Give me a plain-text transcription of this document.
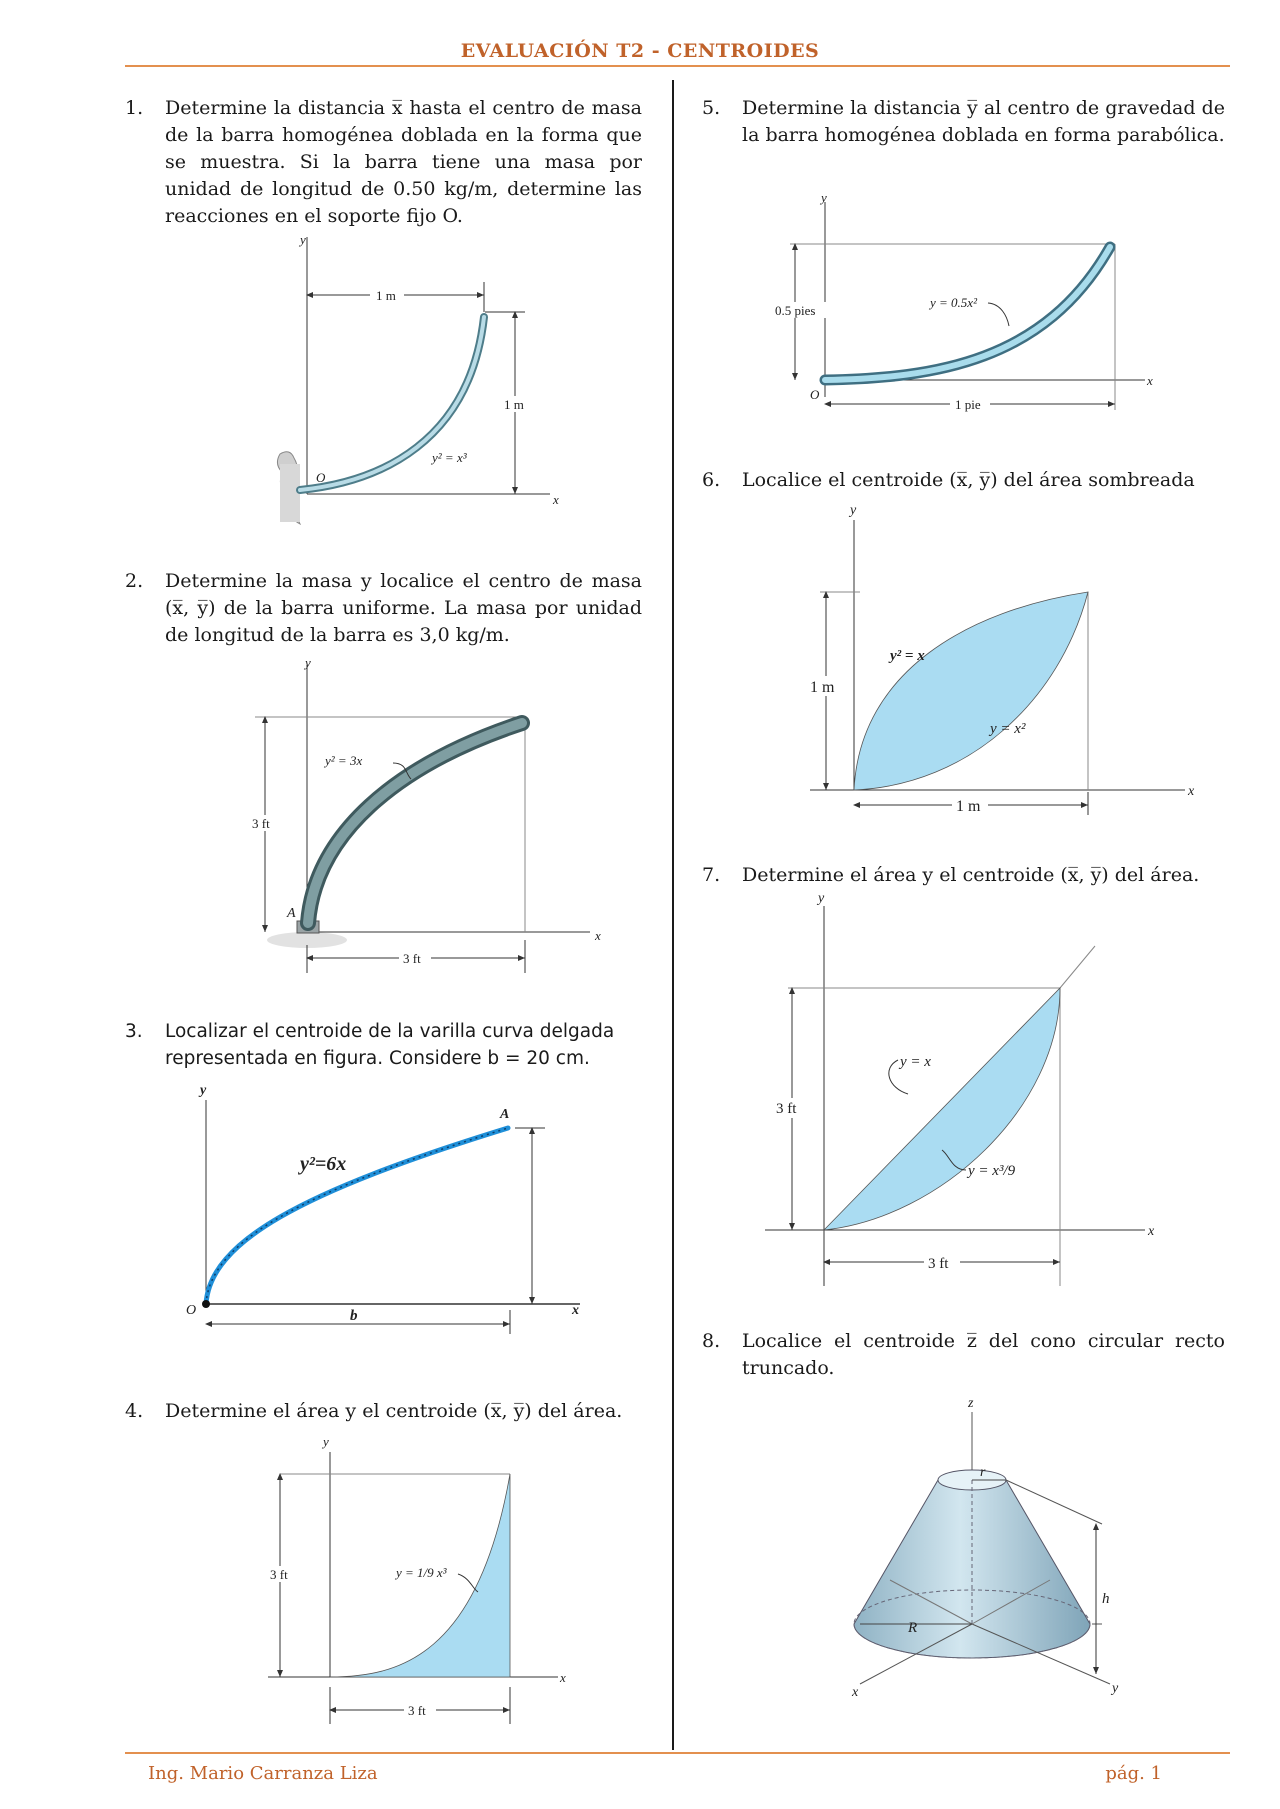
EVALUACIÓN T2 - CENTROIDES
1. Determine la distancia x̅ hasta el centro de masa de la barra homogénea doblada en la forma que se muestra. Si la barra tiene una masa por unidad de longitud de 0.50 kg/m, determine las reacciones en el soporte fijo O.
y
x
1 m
1 m
y² = x³
O
2. Determine la masa y localice el centro de masa (x̅, y̅) de la barra uniforme. La masa por unidad de longitud de la barra es 3,0 kg/m.
y
x
3 ft
3 ft
y² = 3x
A
3. Localizar el centroide de la varilla curva delgada representada en figura. Considere b = 20 cm.
y
x
O
A
y²=6x
b
4. Determine el área y el centroide (x̅, y̅) del área.
y
x
3 ft
3 ft
y = 1/9 x³
5. Determine la distancia y̅ al centro de gravedad de la barra homogénea doblada en forma parabólica.
y
x
0.5 pies
1 pie
y = 0.5x²
O
6. Localice el centroide (x̅, y̅) del área sombreada
y
x
1 m
1 m
y² = x
y = x²
7. Determine el área y el centroide (x̅, y̅) del área.
y
x
3 ft
3 ft
y = x
y = x³/9
8. Localice el centroide z̅ del cono circular recto truncado.
z
x	y
r
R
h
Ing. Mario Carranza Liza	pág. 1
